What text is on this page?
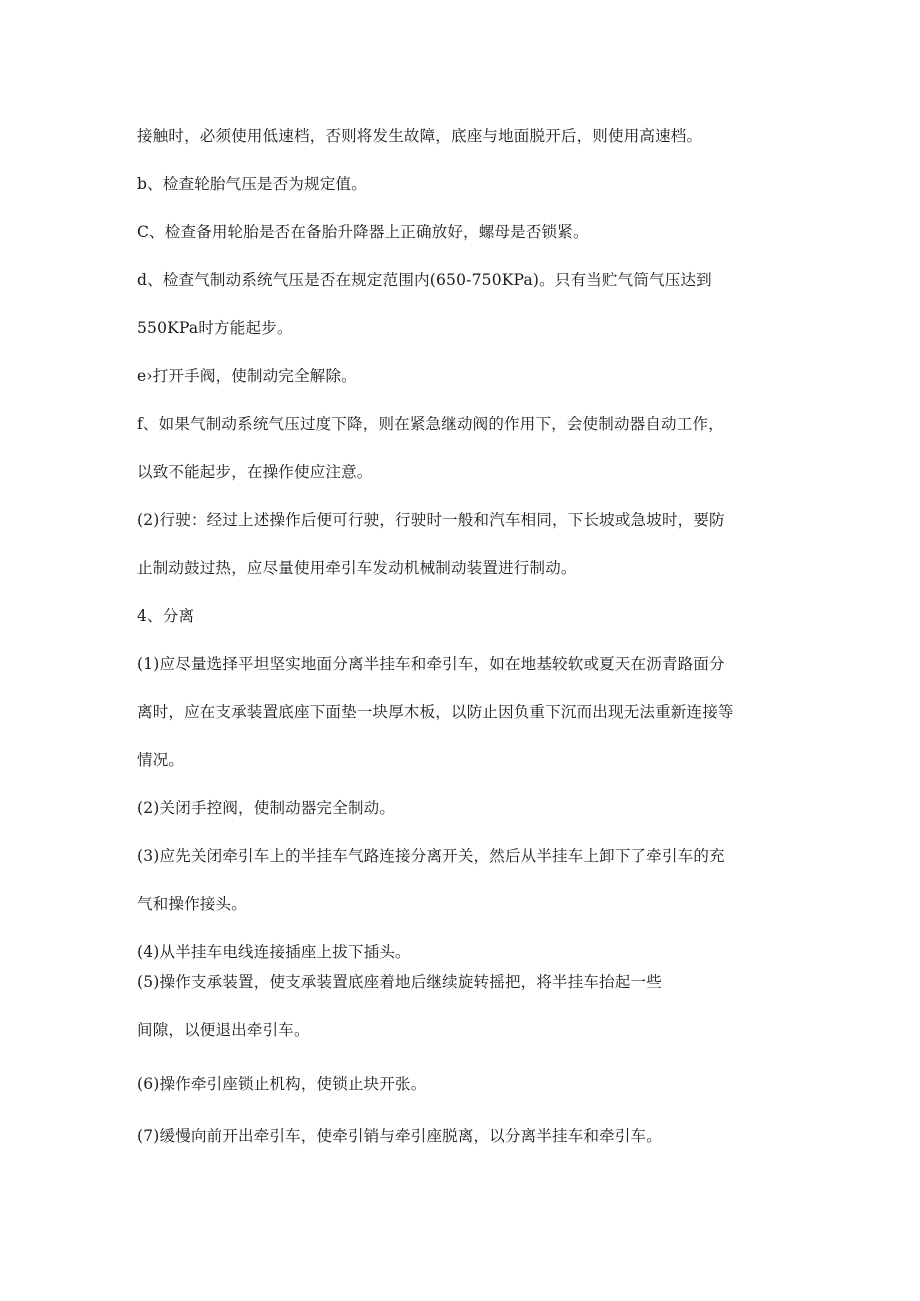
接触时，必须使用低速档，否则将发生故障，底座与地面脱开后，则使用高速档。

b、检查轮胎气压是否为规定值。

C、检查备用轮胎是否在备胎升降器上正确放好，螺母是否锁紧。

d、检查气制动系统气压是否在规定范围内(650-750KPa)。只有当贮气筒气压达到

550KPa时方能起步。

e›打开手阀，使制动完全解除。

f、如果气制动系统气压过度下降，则在紧急继动阀的作用下，会使制动器自动工作，

以致不能起步，在操作使应注意。

(2)行驶：经过上述操作后便可行驶，行驶时一般和汽车相同，下长坡或急坡时，要防

止制动鼓过热，应尽量使用牵引车发动机械制动装置进行制动。

4、分离

(1)应尽量选择平坦坚实地面分离半挂车和牵引车，如在地基较软或夏天在沥青路面分

离时，应在支承装置底座下面垫一块厚木板，以防止因负重下沉而出现无法重新连接等

情况。

(2)关闭手控阀，使制动器完全制动。

(3)应先关闭牵引车上的半挂车气路连接分离开关，然后从半挂车上卸下了牵引车的充

气和操作接头。

(4)从半挂车电线连接插座上拔下插头。

(5)操作支承装置，使支承装置底座着地后继续旋转摇把，将半挂车抬起一些

间隙，以便退出牵引车。

(6)操作牵引座锁止机构，使锁止块开张。

(7)缓慢向前开出牵引车，使牵引销与牵引座脱离，以分离半挂车和牵引车。
